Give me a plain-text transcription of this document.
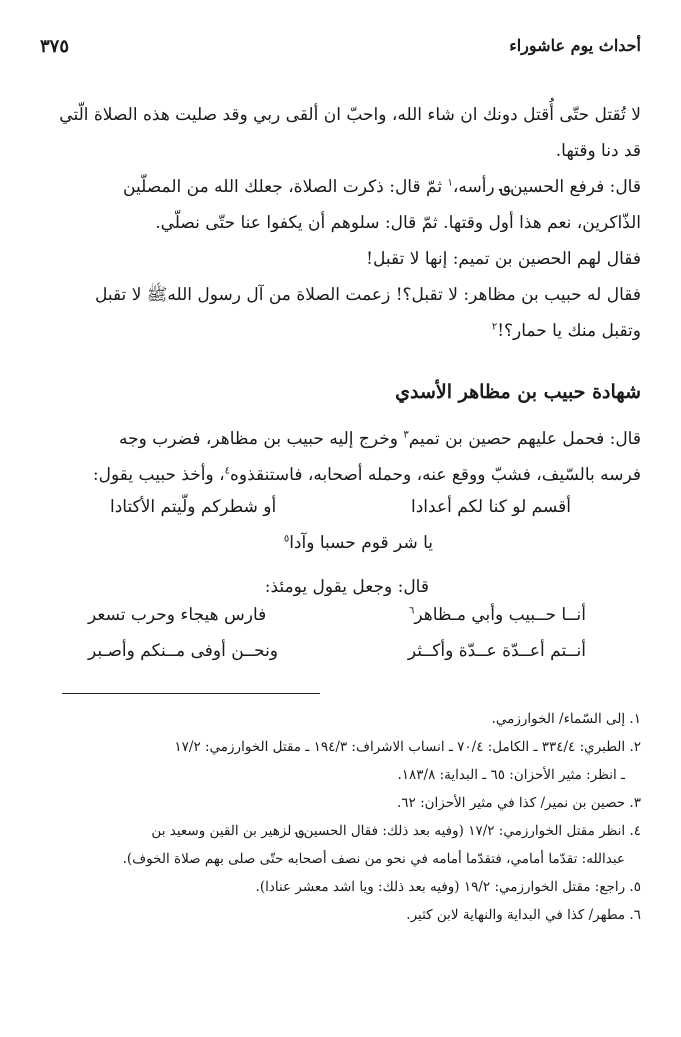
أحداث يوم عاشوراء
٣٧٥

لا تُقتل حتّى أُقتل دونك ان شاء الله، واحبّ ان ألقى ربي وقد صليت هذه الصلاة الّتي

قد دنا وقتها.

قال: فرفع الحسين؈ رأسه،$^١$ ثمّ قال: ذكرت الصلاة، جعلك الله من المصلّين

الذّاكرين، نعم هذا أول وقتها. ثمّ قال: سلوهم أن يكفوا عنا حتّى نصلّي.

فقال لهم الحصين بن تميم: إنها لا تقبل!

فقال له حبيب بن مظاهر: لا تقبل؟! زعمت الصلاة من آل رسول اللهﷺ لا تقبل

وتقبل منك يا حمار؟!$^٢$

شهادة حبيب بن مظاهر الأسدي

قال: فحمل عليهم حصين بن تميم$^٣$ وخرج إليه حبيب بن مظاهر، فضرب وجه

فرسه بالسّيف، فشبّ ووقع عنه، وحمله أصحابه، فاستنقذوه$^٤$، وأخذ حبيب يقول:

أقسم لو كنا لكم أعدادا
أو شطركم ولّيتم الأكتادا
يا شر قوم حسبا وآدا$^٥$

قال: وجعل يقول يومئذ:

أنــا حــبيب وأبي مـظاهر$^٦$
فارس هيجاء وحرب تسعر
أنــتم أعــدّة عــدّة وأكــثر
ونحــن أوفى مــنكم وأصـبر

١. إلى السّماء/ الخوارزمي.

٢. الطبري: ٣٣٤/٤ ـ الكامل: ٧٠/٤ ـ انساب الاشراف: ١٩٤/٣ ـ مقتل الخوارزمي: ١٧/٢

ـ انظر: مثير الأحزان: ٦٥ ـ البداية: ١٨٣/٨.

٣. حصين بن نمير/ كذا في مثير الأحزان: ٦٢.

٤. انظر مقتل الخوارزمي: ١٧/٢ (وفيه بعد ذلك: فقال الحسين؈ لزهير بن القين وسعيد بن

عبدالله: تقدّما أمامي، فتقدّما أمامه في نحو من نصف أصحابه حتّى صلى بهم صلاة الخوف).

٥. راجع: مقتل الخوارزمي: ١٩/٢ (وفيه بعد ذلك: ويا اشد معشر عنادا).

٦. مطهر/ كذا في البداية والنهاية لابن كثير.
